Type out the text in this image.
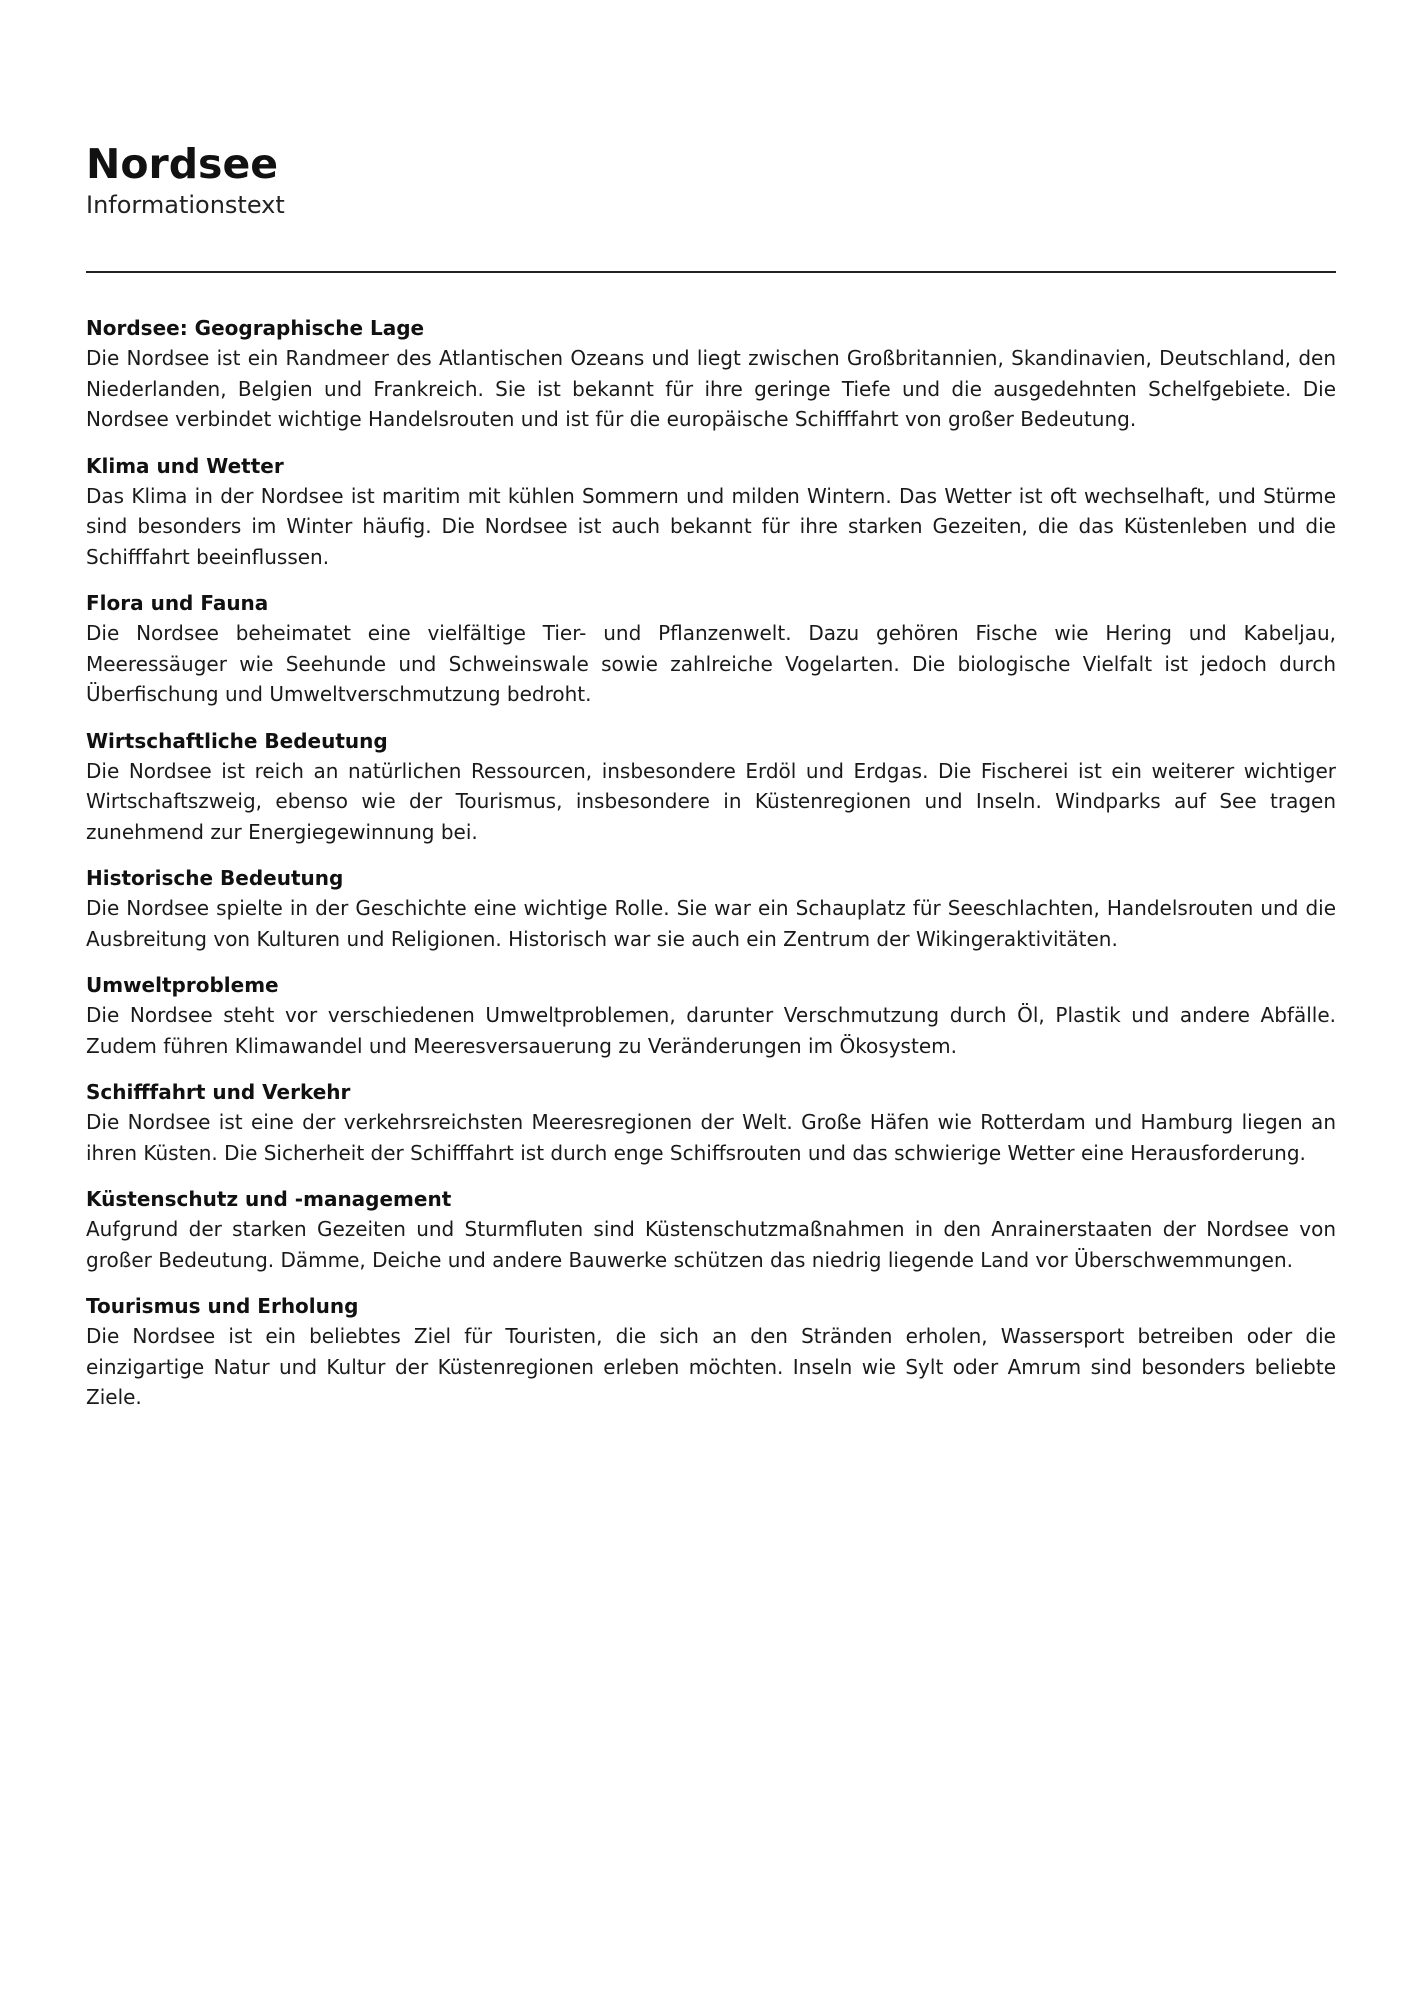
Nordsee

Informationstext

Nordsee: Geographische Lage

Die Nordsee ist ein Randmeer des Atlantischen Ozeans und liegt zwischen Großbritannien, Skandinavien, Deutschland, den Niederlanden, Belgien und Frankreich. Sie ist bekannt für ihre geringe Tiefe und die ausgedehnten Schelfgebiete. Die Nordsee verbindet wichtige Handelsrouten und ist für die europäische Schifffahrt von großer Bedeutung.

Klima und Wetter

Das Klima in der Nordsee ist maritim mit kühlen Sommern und milden Wintern. Das Wetter ist oft wechselhaft, und Stürme sind besonders im Winter häufig. Die Nordsee ist auch bekannt für ihre starken Gezeiten, die das Küstenleben und die Schifffahrt beeinflussen.

Flora und Fauna

Die Nordsee beheimatet eine vielfältige Tier- und Pflanzenwelt. Dazu gehören Fische wie Hering und Kabeljau, Meeressäuger wie Seehunde und Schweinswale sowie zahlreiche Vogelarten. Die biologische Vielfalt ist jedoch durch Überfischung und Umweltverschmutzung bedroht.

Wirtschaftliche Bedeutung

Die Nordsee ist reich an natürlichen Ressourcen, insbesondere Erdöl und Erdgas. Die Fischerei ist ein weiterer wichtiger Wirtschaftszweig, ebenso wie der Tourismus, insbesondere in Küstenregionen und Inseln. Windparks auf See tragen zunehmend zur Energiegewinnung bei.

Historische Bedeutung

Die Nordsee spielte in der Geschichte eine wichtige Rolle. Sie war ein Schauplatz für Seeschlachten, Handelsrouten und die Ausbreitung von Kulturen und Religionen. Historisch war sie auch ein Zentrum der Wikingeraktivitäten.

Umweltprobleme

Die Nordsee steht vor verschiedenen Umweltproblemen, darunter Verschmutzung durch Öl, Plastik und andere Abfälle. Zudem führen Klimawandel und Meeresversauerung zu Veränderungen im Ökosystem.

Schifffahrt und Verkehr

Die Nordsee ist eine der verkehrsreichsten Meeresregionen der Welt. Große Häfen wie Rotterdam und Hamburg liegen an ihren Küsten. Die Sicherheit der Schifffahrt ist durch enge Schiffsrouten und das schwierige Wetter eine Herausforderung.

Küstenschutz und -management

Aufgrund der starken Gezeiten und Sturmfluten sind Küstenschutzmaßnahmen in den Anrainerstaaten der Nordsee von großer Bedeutung. Dämme, Deiche und andere Bauwerke schützen das niedrig liegende Land vor Überschwemmungen.

Tourismus und Erholung

Die Nordsee ist ein beliebtes Ziel für Touristen, die sich an den Stränden erholen, Wassersport betreiben oder die einzigartige Natur und Kultur der Küstenregionen erleben möchten. Inseln wie Sylt oder Amrum sind besonders beliebte Ziele.
